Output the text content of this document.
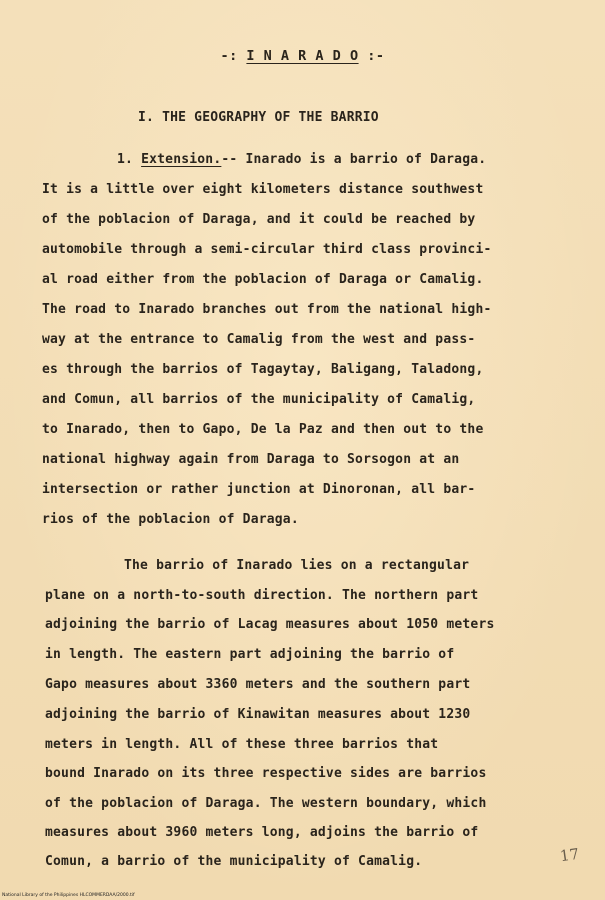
-: I N A R A D O :-
I. THE GEOGRAPHY OF THE BARRIO
1. Extension.-- Inarado is a barrio of Daraga.
It is a little over eight kilometers distance southwest
of the poblacion of Daraga, and it could be reached by
automobile through a semi-circular third class provinci-
al road either from the poblacion of Daraga or Camalig.
The road to Inarado branches out from the national high-
way at the entrance to Camalig from the west and pass-
es through the barrios of Tagaytay, Baligang, Taladong,
and Comun, all barrios of the municipality of Camalig,
to Inarado, then to Gapo, De la Paz and then out to the
national highway again from Daraga to Sorsogon at an
intersection or rather junction at Dinoronan, all bar-
rios of the poblacion of Daraga.
The barrio of Inarado lies on a rectangular
plane on a north-to-south direction. The northern part
adjoining the barrio of Lacag measures about 1050 meters
in length. The eastern part adjoining the barrio of
Gapo measures about 3360 meters and the southern part
adjoining the barrio of Kinawitan measures about 1230
meters in length. All of these three barrios that
bound Inarado on its three respective sides are barrios
of the poblacion of Daraga. The western boundary, which
measures about 3960 meters long, adjoins the barrio of
Comun, a barrio of the municipality of Camalig.	17
National Library of the Philippines HLCOMMERDAA/2000.tif
